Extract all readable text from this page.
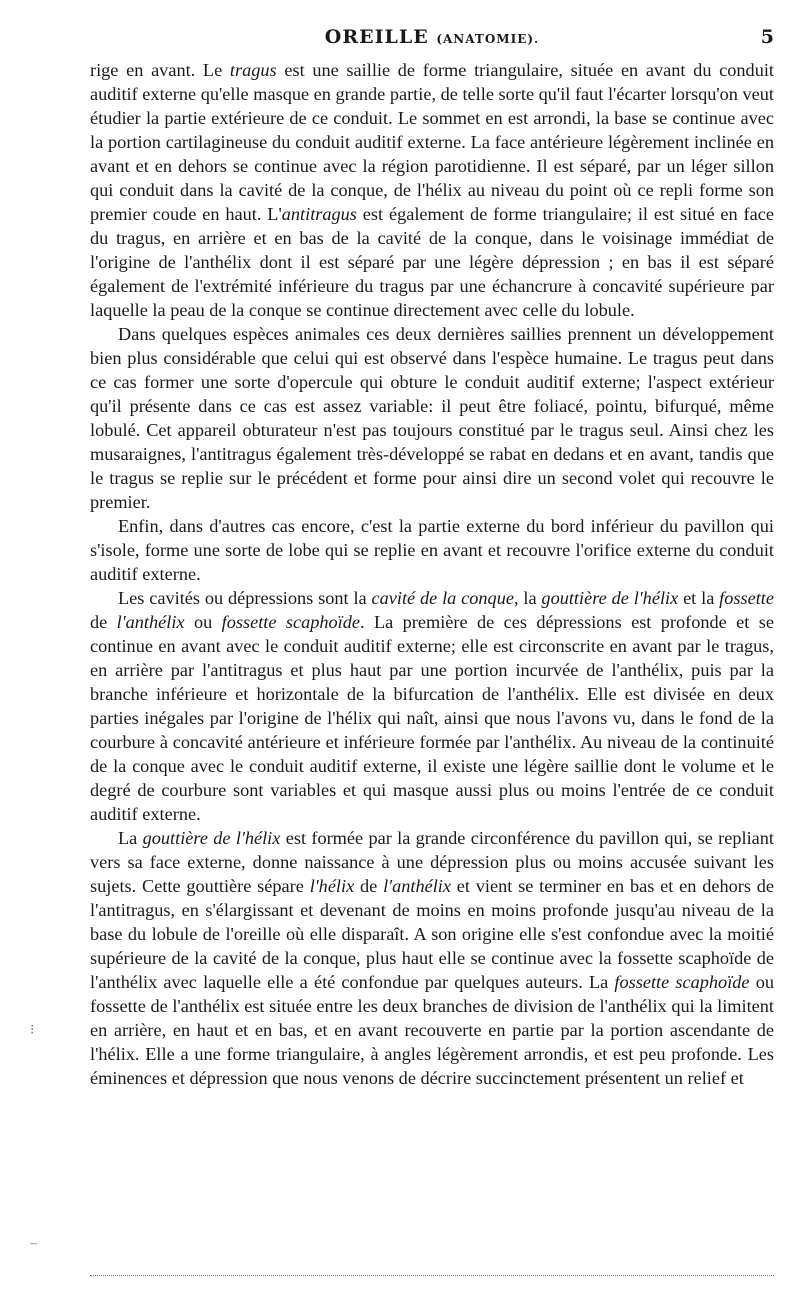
OREILLE (ANATOMIE).	5

rige en avant. Le tragus est une saillie de forme triangulaire, située en avant du conduit auditif externe qu'elle masque en grande partie, de telle sorte qu'il faut l'écarter lorsqu'on veut étudier la partie extérieure de ce conduit. Le sommet en est arrondi, la base se continue avec la portion cartilagineuse du conduit auditif externe. La face antérieure légèrement inclinée en avant et en dehors se continue avec la région parotidienne. Il est séparé, par un léger sillon qui conduit dans la cavité de la conque, de l'hélix au niveau du point où ce repli forme son premier coude en haut. L'antitragus est également de forme triangulaire; il est situé en face du tragus, en arrière et en bas de la cavité de la conque, dans le voisinage immédiat de l'origine de l'anthélix dont il est séparé par une légère dépression ; en bas il est séparé également de l'extrémité inférieure du tragus par une échancrure à concavité supérieure par laquelle la peau de la conque se continue directement avec celle du lobule.

Dans quelques espèces animales ces deux dernières saillies prennent un développement bien plus considérable que celui qui est observé dans l'espèce humaine. Le tragus peut dans ce cas former une sorte d'opercule qui obture le conduit auditif externe; l'aspect extérieur qu'il présente dans ce cas est assez variable: il peut être foliacé, pointu, bifurqué, même lobulé. Cet appareil obturateur n'est pas toujours constitué par le tragus seul. Ainsi chez les musaraignes, l'antitragus également très-développé se rabat en dedans et en avant, tandis que le tragus se replie sur le précédent et forme pour ainsi dire un second volet qui recouvre le premier.

Enfin, dans d'autres cas encore, c'est la partie externe du bord inférieur du pavillon qui s'isole, forme une sorte de lobe qui se replie en avant et recouvre l'orifice externe du conduit auditif externe.

Les cavités ou dépressions sont la cavité de la conque, la gouttière de l'hélix et la fossette de l'anthélix ou fossette scaphoïde. La première de ces dépressions est profonde et se continue en avant avec le conduit auditif externe; elle est circonscrite en avant par le tragus, en arrière par l'antitragus et plus haut par une portion incurvée de l'anthélix, puis par la branche inférieure et horizontale de la bifurcation de l'anthélix. Elle est divisée en deux parties inégales par l'origine de l'hélix qui naît, ainsi que nous l'avons vu, dans le fond de la courbure à concavité antérieure et inférieure formée par l'anthélix. Au niveau de la continuité de la conque avec le conduit auditif externe, il existe une légère saillie dont le volume et le degré de courbure sont variables et qui masque aussi plus ou moins l'entrée de ce conduit auditif externe.

La gouttière de l'hélix est formée par la grande circonférence du pavillon qui, se repliant vers sa face externe, donne naissance à une dépression plus ou moins accusée suivant les sujets. Cette gouttière sépare l'hélix de l'anthélix et vient se terminer en bas et en dehors de l'antitragus, en s'élargissant et devenant de moins en moins profonde jusqu'au niveau de la base du lobule de l'oreille où elle disparaît. A son origine elle s'est confondue avec la moitié supérieure de la cavité de la conque, plus haut elle se continue avec la fossette scaphoïde de l'anthélix avec laquelle elle a été confondue par quelques auteurs. La fossette scaphoïde ou fossette de l'anthélix est située entre les deux branches de division de l'anthélix qui la limitent en arrière, en haut et en bas, et en avant recouverte en partie par la portion ascendante de l'hélix. Elle a une forme triangulaire, à angles légèrement arrondis, et est peu profonde. Les éminences et dépression que nous venons de décrire succinctement présentent un relief et

⁝
–
